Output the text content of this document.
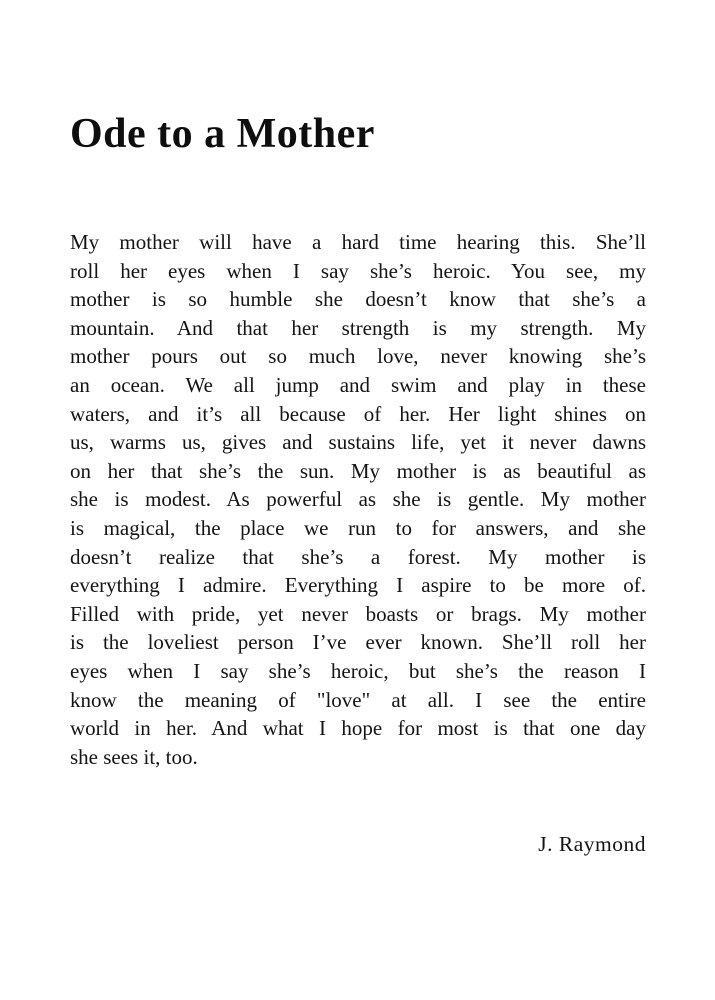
Ode to a Mother
My mother will have a hard time hearing this. She’ll
roll her eyes when I say she’s heroic. You see, my
mother is so humble she doesn’t know that she’s a
mountain. And that her strength is my strength. My
mother pours out so much love, never knowing she’s
an ocean. We all jump and swim and play in these
waters, and it’s all because of her. Her light shines on
us, warms us, gives and sustains life, yet it never dawns
on her that she’s the sun. My mother is as beautiful as
she is modest. As powerful as she is gentle. My mother
is magical, the place we run to for answers, and she
doesn’t realize that she’s a forest. My mother is
everything I admire. Everything I aspire to be more of.
Filled with pride, yet never boasts or brags. My mother
is the loveliest person I’ve ever known. She’ll roll her
eyes when I say she’s heroic, but she’s the reason I
know the meaning of "love" at all. I see the entire
world in her. And what I hope for most is that one day
she sees it, too.
J. Raymond
